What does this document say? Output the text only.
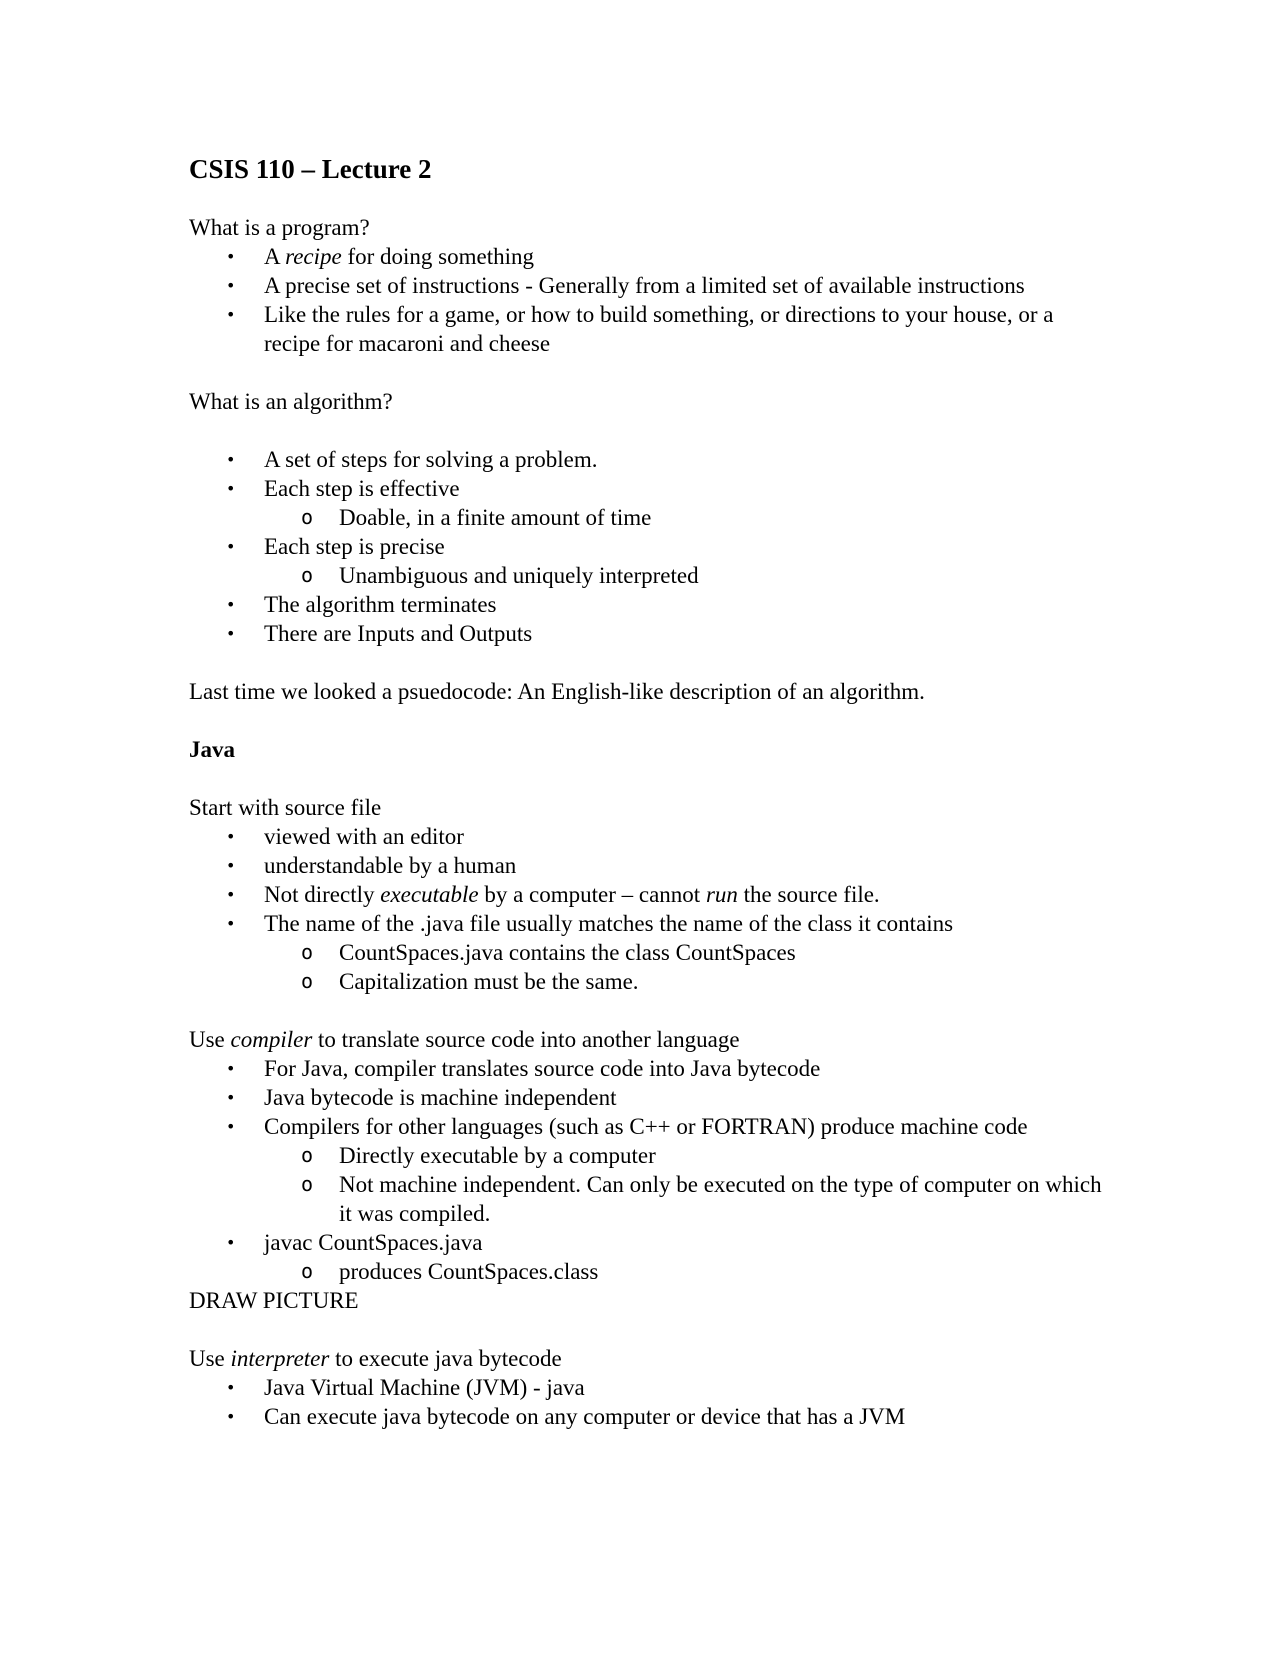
CSIS 110 – Lecture 2

What is a program?

• A recipe for doing something
• A precise set of instructions - Generally from a limited set of available instructions
• Like the rules for a game, or how to build something, or directions to your house, or a recipe for macaroni and cheese

What is an algorithm?

• A set of steps for solving a problem.
• Each step is effective
o Doable, in a finite amount of time
• Each step is precise
o Unambiguous and uniquely interpreted
• The algorithm terminates
• There are Inputs and Outputs

Last time we looked a psuedocode: An English-like description of an algorithm.

Java

Start with source file

• viewed with an editor
• understandable by a human
• Not directly executable by a computer – cannot run the source file.
• The name of the .java file usually matches the name of the class it contains
o CountSpaces.java contains the class CountSpaces
o Capitalization must be the same.

Use compiler to translate source code into another language

• For Java, compiler translates source code into Java bytecode
• Java bytecode is machine independent
• Compilers for other languages (such as C++ or FORTRAN) produce machine code
o Directly executable by a computer
o Not machine independent. Can only be executed on the type of computer on which it was compiled.
• javac CountSpaces.java
o produces CountSpaces.class

DRAW PICTURE

Use interpreter to execute java bytecode

• Java Virtual Machine (JVM) - java
• Can execute java bytecode on any computer or device that has a JVM
